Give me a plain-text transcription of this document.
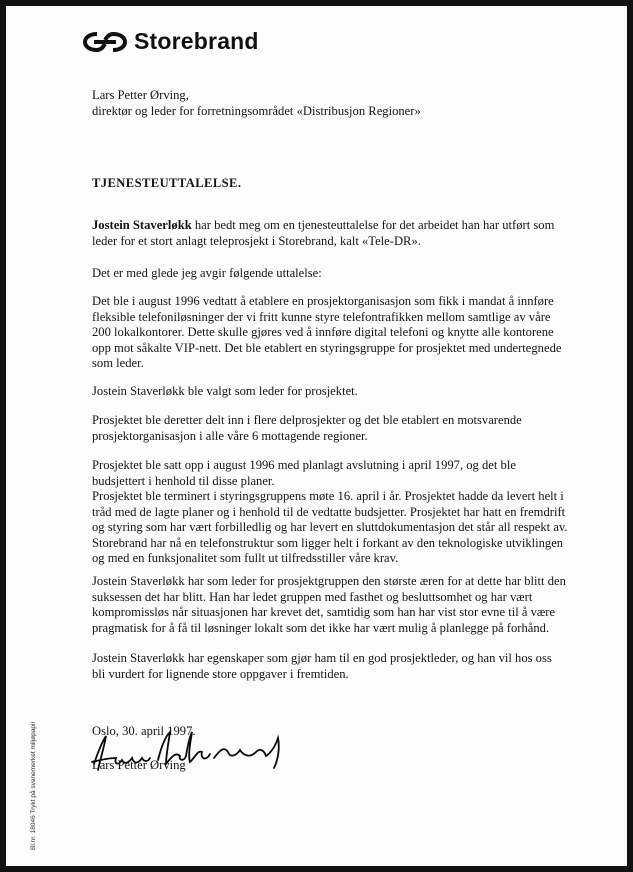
Storebrand
Lars Petter Ørving,
direktør og leder for forretningsområdet «Distribusjon Regioner»
TJENESTEUTTALELSE.
Jostein Staverløkk har bedt meg om en tjenesteuttalelse for det arbeidet han har utført som
leder for et stort anlagt teleprosjekt i Storebrand, kalt «Tele-DR».
Det er med glede jeg avgir følgende uttalelse:
Det ble i august 1996 vedtatt å etablere en prosjektorganisasjon som fikk i mandat å innføre
fleksible telefoniløsninger der vi fritt kunne styre telefontrafikken mellom samtlige av våre
200 lokalkontorer. Dette skulle gjøres ved å innføre digital telefoni og knytte alle kontorene
opp mot såkalte VIP-nett. Det ble etablert en styringsgruppe for prosjektet med undertegnede
som leder.
Jostein Staverløkk ble valgt som leder for prosjektet.
Prosjektet ble deretter delt inn i flere delprosjekter og det ble etablert en motsvarende
prosjektorganisasjon i alle våre 6 mottagende regioner.
Prosjektet ble satt opp i august 1996 med planlagt avslutning i april 1997, og det ble
budsjettert i henhold til disse planer.
Prosjektet ble terminert i styringsgruppens møte 16. april i år. Prosjektet hadde da levert helt i
tråd med de lagte planer og i henhold til de vedtatte budsjetter. Prosjektet har hatt en fremdrift
og styring som har vært forbilledlig og har levert en sluttdokumentasjon det står all respekt av.
Storebrand har nå en telefonstruktur som ligger helt i forkant av den teknologiske utviklingen
og med en funksjonalitet som fullt ut tilfredsstiller våre krav.
Jostein Staverløkk har som leder for prosjektgruppen den største æren for at dette har blitt den
suksessen det har blitt. Han har ledet gruppen med fasthet og besluttsomhet og har vært
kompromissløs når situasjonen har krevet det, samtidig som han har vist stor evne til å være
pragmatisk for å få til løsninger lokalt som det ikke har vært mulig å planlegge på forhånd.
Jostein Staverløkk har egenskaper som gjør ham til en god prosjektleder, og han vil hos oss
bli vurdert for lignende store oppgaver i fremtiden.
Oslo, 30. april 1997.
Lars Petter Ørving
Bl.nr. 18046 Trykt på svanemerket miljøpapir
